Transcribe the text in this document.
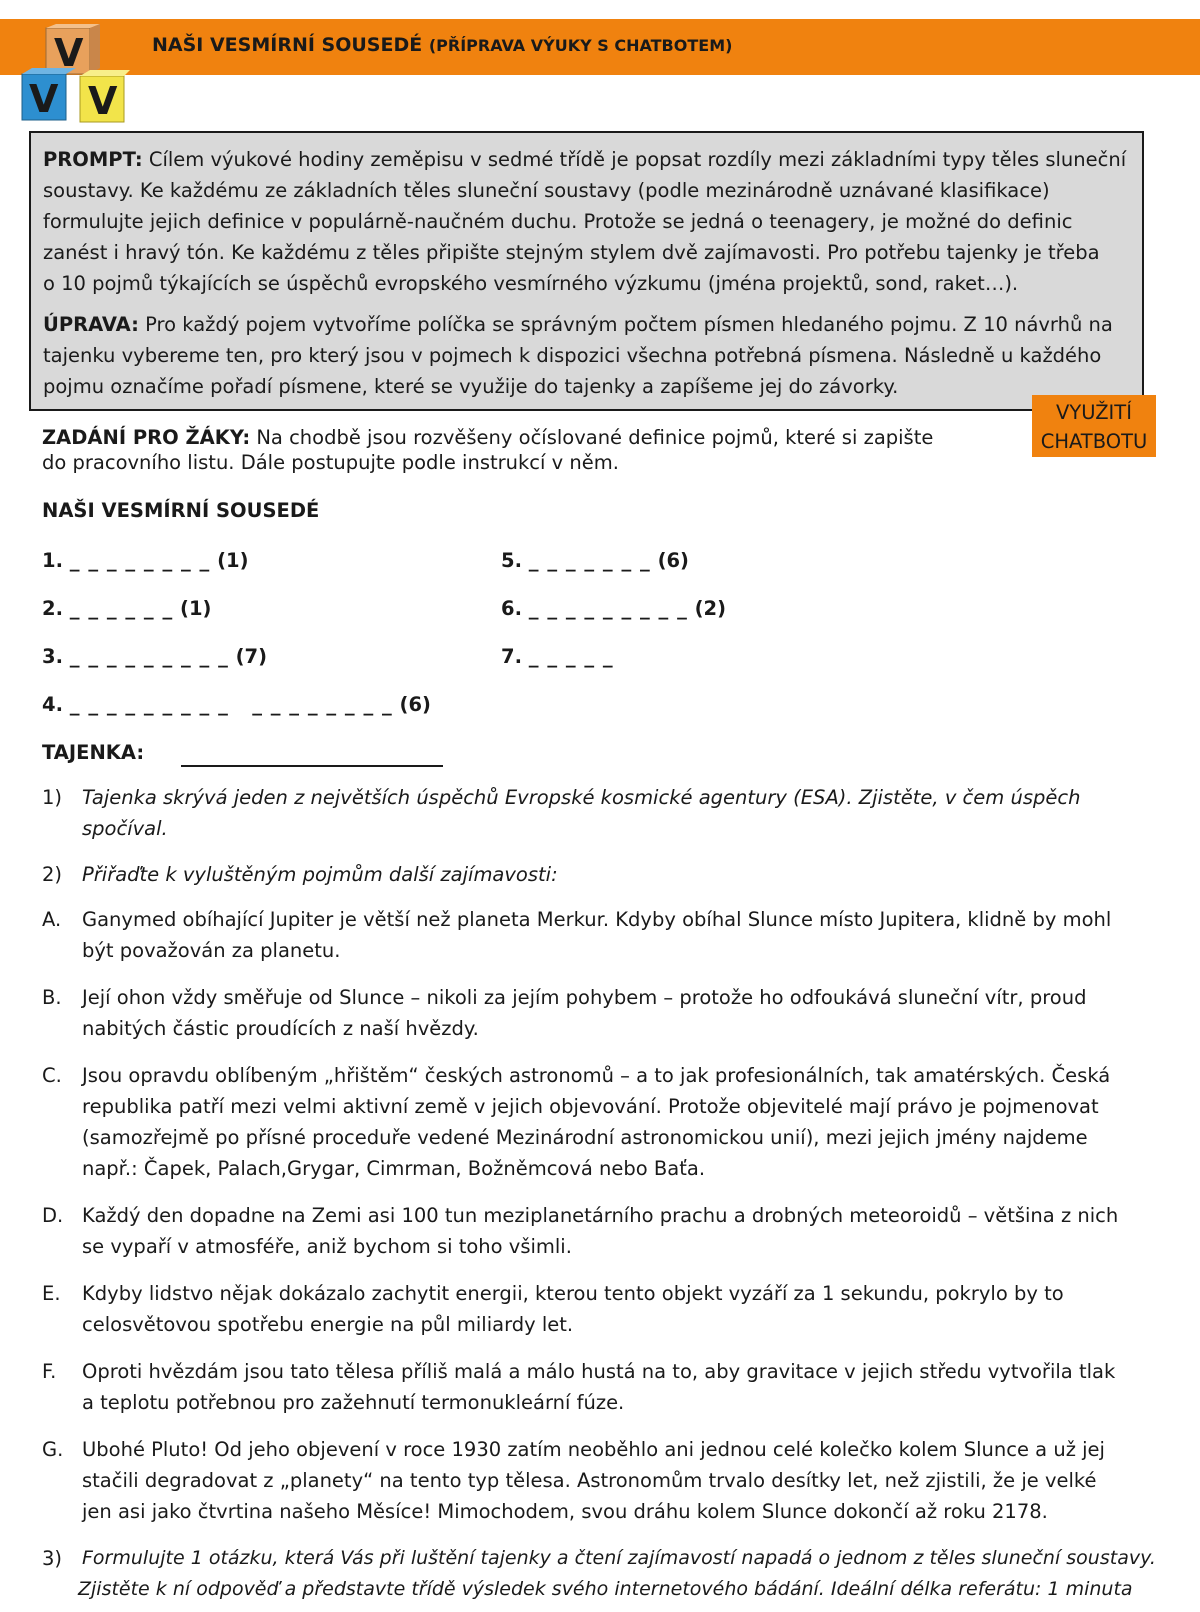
V
V V
NAŠI VESMÍRNÍ SOUSEDÉ (PŘÍPRAVA VÝUKY S CHATBOTEM)

PROMPT: Cílem výukové hodiny zeměpisu v sedmé třídě je popsat rozdíly mezi základními typy těles sluneční
soustavy. Ke každému ze základních těles sluneční soustavy (podle mezinárodně uznávané klasifikace)
formulujte jejich definice v populárně-naučném duchu. Protože se jedná o teenagery, je možné do definic
zanést i hravý tón. Ke každému z těles připište stejným stylem dvě zajímavosti. Pro potřebu tajenky je třeba
o 10 pojmů týkajících se úspěchů evropského vesmírného výzkumu (jména projektů, sond, raket…).

ÚPRAVA: Pro každý pojem vytvoříme políčka se správným počtem písmen hledaného pojmu. Z 10 návrhů na
tajenku vybereme ten, pro který jsou v pojmech k dispozici všechna potřebná písmena. Následně u každého
pojmu označíme pořadí písmene, které se využije do tajenky a zapíšeme jej do závorky.

VYUŽITÍ
CHATBOTU
ZADÁNÍ PRO ŽÁKY: Na chodbě jsou rozvěšeny očíslované definice pojmů, které si zapište
do pracovního listu. Dále postupujte podle instrukcí v něm.
NAŠI VESMÍRNÍ SOUSEDÉ
1. _ _ _ _ _ _ _ _ (1)
2. _ _ _ _ _ _ (1)
3. _ _ _ _ _ _ _ _ _ (7)
4. _ _ _ _ _ _ _ _ _   _ _ _ _ _ _ _ _ (6)
5. _ _ _ _ _ _ _ (6)
6. _ _ _ _ _ _ _ _ _ (2)
7. _ _ _ _ _
TAJENKA:
1) Tajenka skrývá jeden z největších úspěchů Evropské kosmické agentury (ESA). Zjistěte, v čem úspěch
spočíval.
2) Přiřaďte k vyluštěným pojmům další zajímavosti:
A. Ganymed obíhající Jupiter je větší než planeta Merkur. Kdyby obíhal Slunce místo Jupitera, klidně by mohl
být považován za planetu.
B. Její ohon vždy směřuje od Slunce – nikoli za jejím pohybem – protože ho odfoukává sluneční vítr, proud
nabitých částic proudících z naší hvězdy.
C. Jsou opravdu oblíbeným „hřištěm“ českých astronomů – a to jak profesionálních, tak amatérských. Česká
republika patří mezi velmi aktivní země v jejich objevování. Protože objevitelé mají právo je pojmenovat
(samozřejmě po přísné proceduře vedené Mezinárodní astronomickou unií), mezi jejich jmény najdeme
např.: Čapek, Palach,Grygar, Cimrman, Božněmcová nebo Baťa.
D. Každý den dopadne na Zemi asi 100 tun meziplanetárního prachu a drobných meteoroidů – většina z nich
se vypaří v atmosféře, aniž bychom si toho všimli.
E. Kdyby lidstvo nějak dokázalo zachytit energii, kterou tento objekt vyzáří za 1 sekundu, pokrylo by to
celosvětovou spotřebu energie na půl miliardy let.
F. Oproti hvězdám jsou tato tělesa příliš malá a málo hustá na to, aby gravitace v jejich středu vytvořila tlak
a teplotu potřebnou pro zažehnutí termonukleární fúze.
G. Ubohé Pluto! Od jeho objevení v roce 1930 zatím neoběhlo ani jednou celé kolečko kolem Slunce a už jej
stačili degradovat z „planety“ na tento typ tělesa. Astronomům trvalo desítky let, než zjistili, že je velké
jen asi jako čtvrtina našeho Měsíce! Mimochodem, svou dráhu kolem Slunce dokončí až roku 2178.
3) Formulujte 1 otázku, která Vás při luštění tajenky a čtení zajímavostí napadá o jednom z těles sluneční soustavy.
Zjistěte k ní odpověď a představte třídě výsledek svého internetového bádání. Ideální délka referátu: 1 minuta
